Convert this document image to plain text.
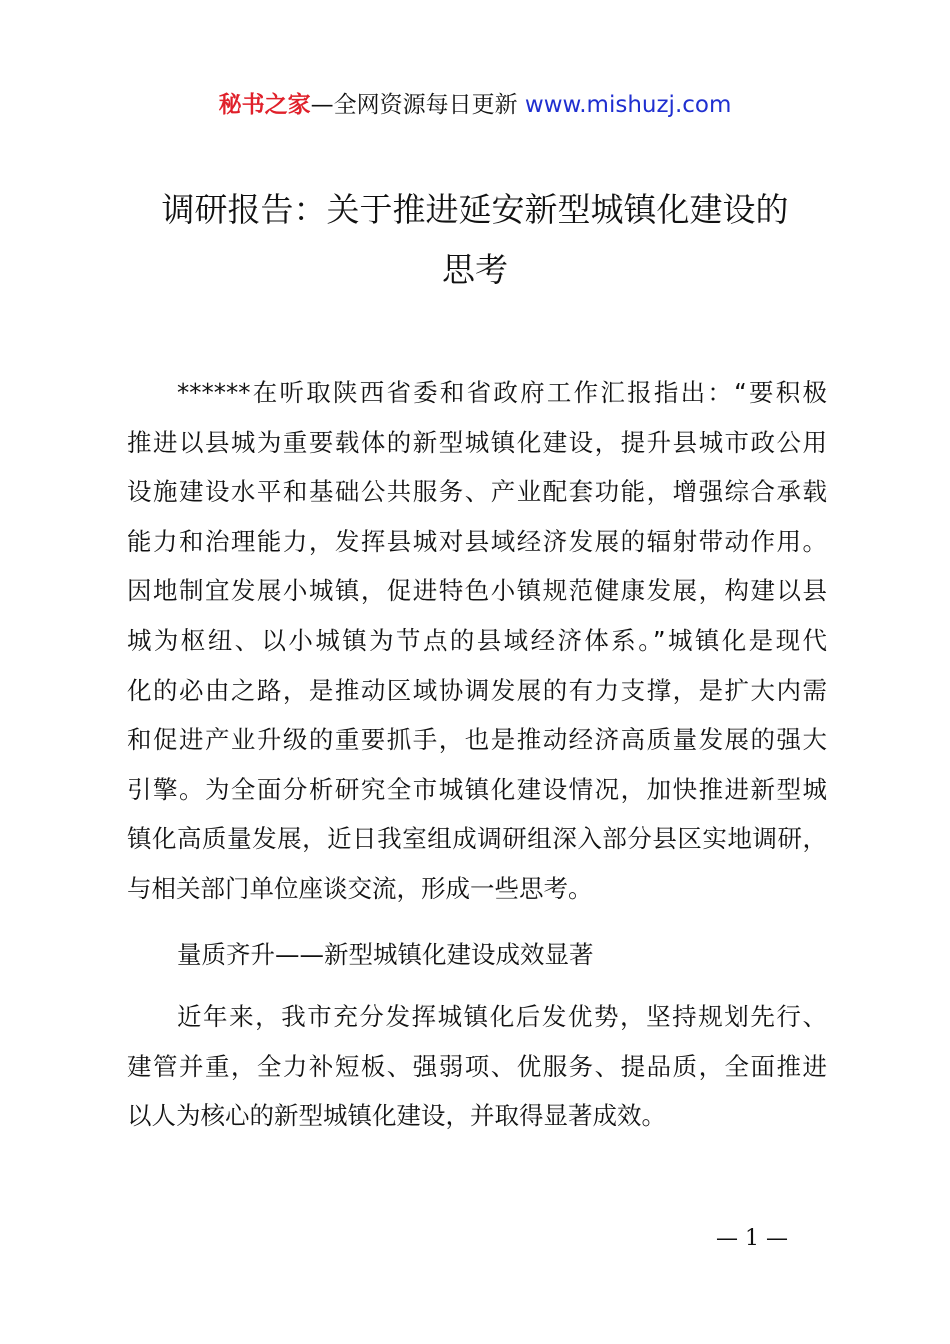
秘书之家—全网资源每日更新 www.mishuzj.com
调研报告：关于推进延安新型城镇化建设的
思考
******在听取陕西省委和省政府工作汇报指出：“要积极
推进以县城为重要载体的新型城镇化建设，提升县城市政公用
设施建设水平和基础公共服务、产业配套功能，增强综合承载
能力和治理能力，发挥县城对县域经济发展的辐射带动作用。
因地制宜发展小城镇，促进特色小镇规范健康发展，构建以县
城为枢纽、以小城镇为节点的县域经济体系。”城镇化是现代
化的必由之路，是推动区域协调发展的有力支撑，是扩大内需
和促进产业升级的重要抓手，也是推动经济高质量发展的强大
引擎。为全面分析研究全市城镇化建设情况，加快推进新型城
镇化高质量发展，近日我室组成调研组深入部分县区实地调研，
与相关部门单位座谈交流，形成一些思考。
量质齐升——新型城镇化建设成效显著
近年来，我市充分发挥城镇化后发优势，坚持规划先行、
建管并重，全力补短板、强弱项、优服务、提品质，全面推进
以人为核心的新型城镇化建设，并取得显著成效。
— 1 —
